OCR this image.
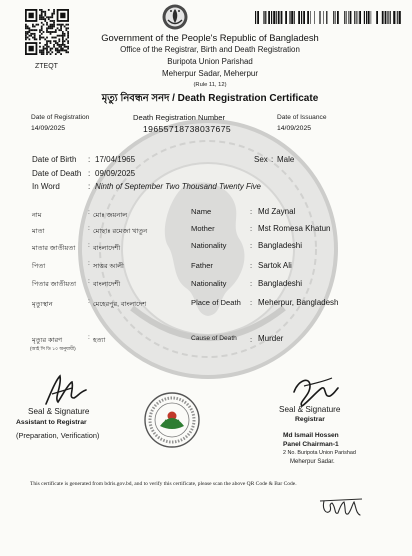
ZTEQT
Government of the People's Republic of Bangladesh
Office of the Registrar, Birth and Death Registration
Buripota Union Parishad
Meherpur Sadar, Meherpur
(Rule 11, 12)
মৃত্যু নিবন্ধন সনদ / Death Registration Certificate
Date of Registration
14/09/2025
Death Registration Number
19655718738037675
Date of Issuance
14/09/2025
Date of Birth : 17/04/1965	Sex : Male
Date of Death : 09/09/2025
In Word	: Ninth of September Two Thousand Twenty Five
নাম	: মোঃ জয়নাল
মাতা	: মোছাঃ রমেজা খাতুন
মাতার জাতীয়তা : বাংলাদেশী
পিতা	: সাত্তর আলী
পিতার জাতীয়তা : বাংলাদেশী
মৃত্যুস্থান	: মেহেরপুর, বাংলাদেশ
মৃত্যুর কারণ	: হত্যা
(আই সি ডি ১০ অনুযায়ী)
Name	: Md Zaynal
Mother	: Mst Romesa Khatun
Nationality	: Bangladeshi
Father	: Sartok Ali
Nationality	: Bangladeshi
Place of Death : Meherpur, Bangladesh
Cause of Death : Murder
Seal & Signature
Assistant to Registrar
(Preparation, Verification)
Seal & Signature
Registrar
Md Ismail Hossen
Panel Chairman-1
2 No. Buripota Union Parishad
Meherpur Sadar.
This certificate is generated from bdris.gov.bd, and to verify this certificate, please scan the above QR Code & Bar Code.
